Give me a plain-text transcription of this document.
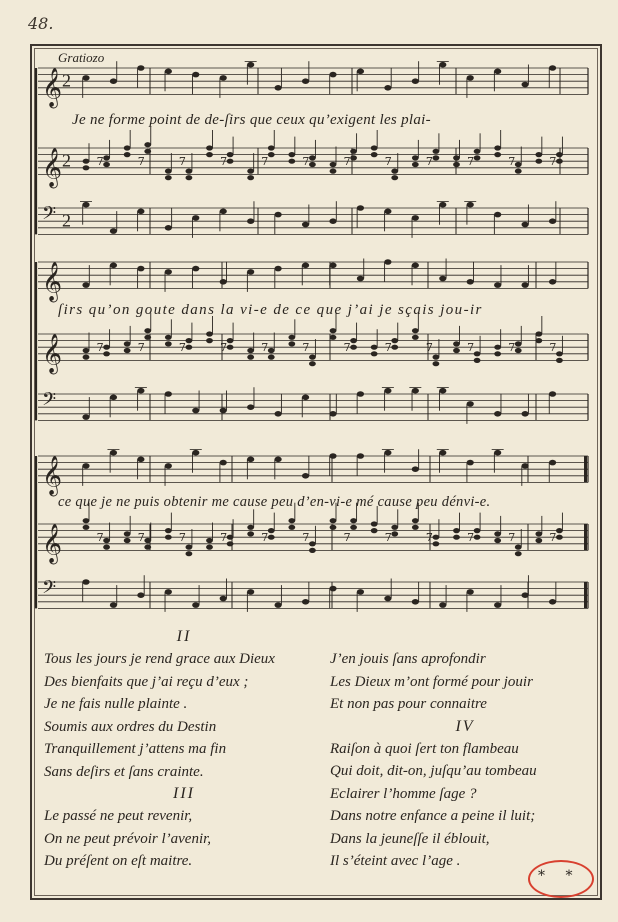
48.
𝄞 2
𝄞 2 7	7	7	7	7	7	7	7	7	7	7	7
𝄢 2
𝄞
𝄞	7	7	7	7	7	7	7	7	7	7	7	7
𝄢
𝄞
𝄞	7	7	7	7	7	7	7	7	7	7	7	7
𝄢
Gratiozo
Je ne forme point de de-ſirs que ceux qu’exigent les plai-
ſirs qu’on goute dans la vi-e de ce que j’ai je sçais jou-ir
ce que je ne puis obtenir me cause peu d’en-vi-e mé cause peu dénvi-e.
II
Tous les jours je rend grace aux Dieux
Des bienfaits que j’ai reçu d’eux ;
Je ne fais nulle plainte .
Soumis aux ordres du Destin
Tranquillement j’attens ma fin
Sans deſirs et ſans crainte.
III
Le passé ne peut revenir,
On ne peut prévoir l’avenir,
Du préſent on eſt maitre.
J’en jouis ſans aprofondir
Les Dieux m’ont formé pour jouir
Et non pas pour connaitre
IV
Raiſon à quoi ſert ton flambeau
Qui doit, dit-on, juſqu’au tombeau
Eclairer l’homme ſage ?
Dans notre enfance a peine il luit;
Dans la jeuneſſe il éblouit,
Il s’éteint avec l’age .
* *
